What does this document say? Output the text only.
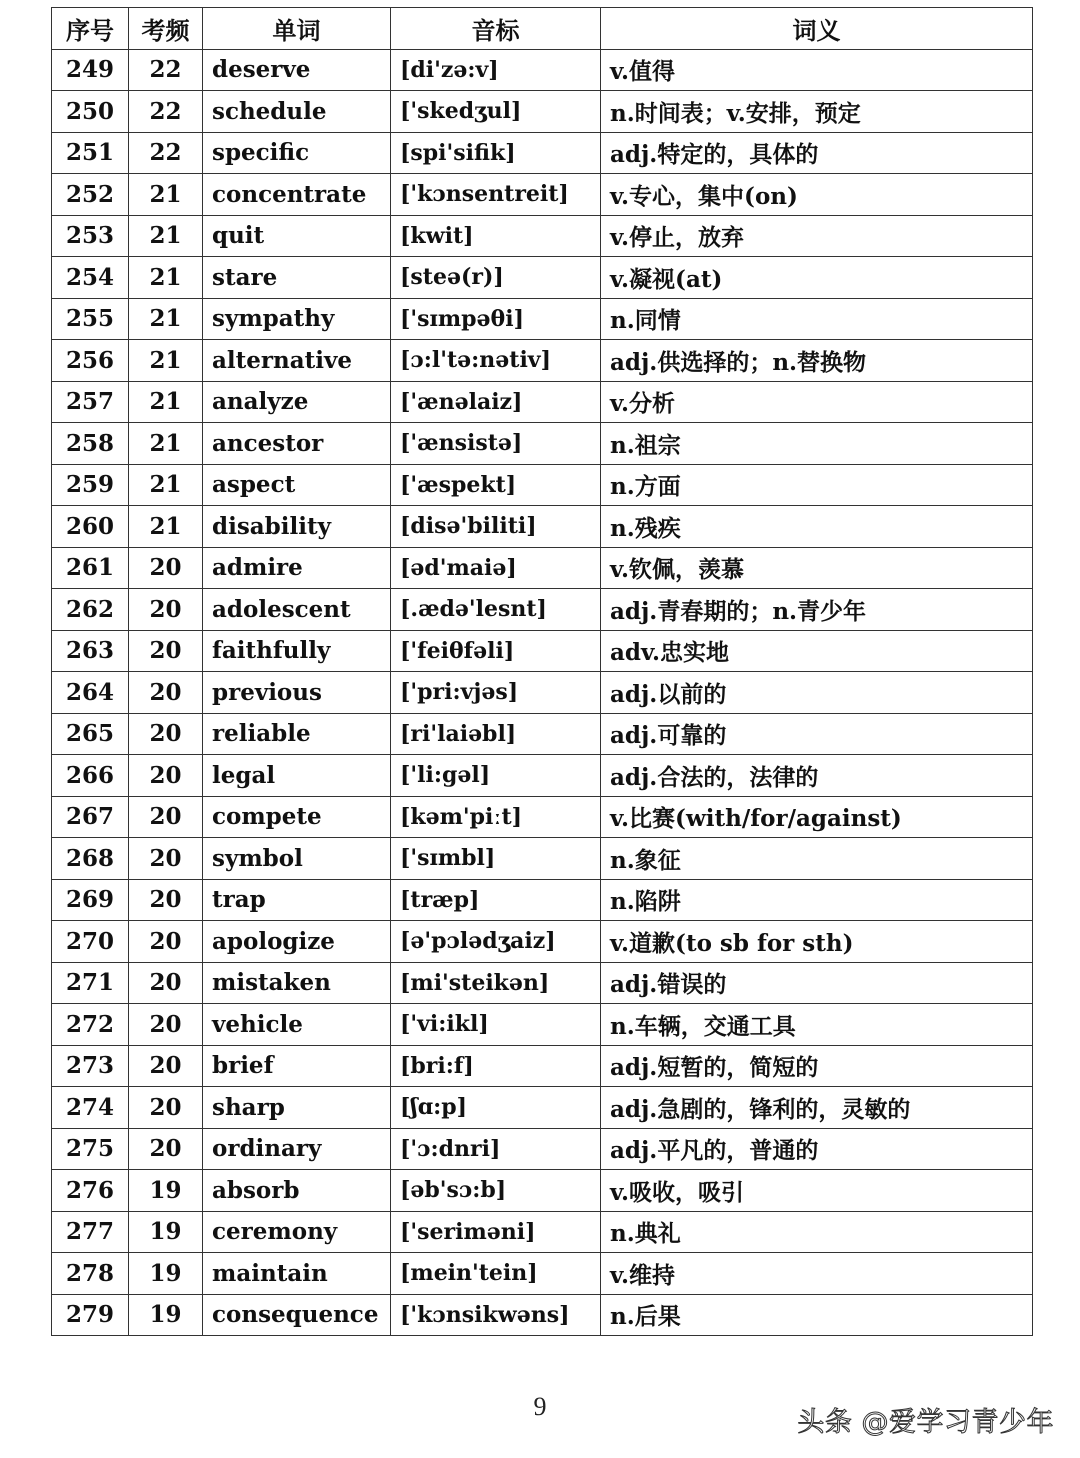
序号	考频	单词	音标	词义
249	22	deserve	[di'zə:v]	v.值得
250	22	schedule	['skedʒul]	n.时间表；v.安排，预定
251	22	specific	[spi'sifik]	adj.特定的，具体的
252	21	concentrate	['kɔnsentreit]	v.专心，集中(on)
253	21	quit	[kwit]	v.停止，放弃
254	21	stare	[steə(r)]	v.凝视(at)
255	21	sympathy	['sɪmpəθi]	n.同情
256	21	alternative	[ɔ:l'tə:nətiv]	adj.供选择的；n.替换物
257	21	analyze	['ænəlaiz]	v.分析
258	21	ancestor	['ænsistə]	n.祖宗
259	21	aspect	['æspekt]	n.方面
260	21	disability	[disə'biliti]	n.残疾
261	20	admire	[əd'maiə]	v.钦佩，羡慕
262	20	adolescent	[.ædə'lesnt]	adj.青春期的；n.青少年
263	20	faithfully	['feiθfəli]	adv.忠实地
264	20	previous	['pri:vjəs]	adj.以前的
265	20	reliable	[ri'laiəbl]	adj.可靠的
266	20	legal	['li:gəl]	adj.合法的，法律的
267	20	compete	[kəm'piːt]	v.比赛(with/for/against)
268	20	symbol	['sɪmbl]	n.象征
269	20	trap	[træp]	n.陷阱
270	20	apologize	[ə'pɔlədʒaiz]	v.道歉(to sb for sth)
271	20	mistaken	[mi'steikən]	adj.错误的
272	20	vehicle	['vi:ikl]	n.车辆，交通工具
273	20	brief	[bri:f]	adj.短暂的，简短的
274	20	sharp	[ʃɑ:p]	adj.急剧的，锋利的，灵敏的
275	20	ordinary	['ɔ:dnri]	adj.平凡的，普通的
276	19	absorb	[əb'sɔ:b]	v.吸收，吸引
277	19	ceremony	['seriməni]	n.典礼
278	19	maintain	[mein'tein]	v.维持
279	19	consequence	['kɔnsikwəns]	n.后果
9
头条 @爱学习青少年
